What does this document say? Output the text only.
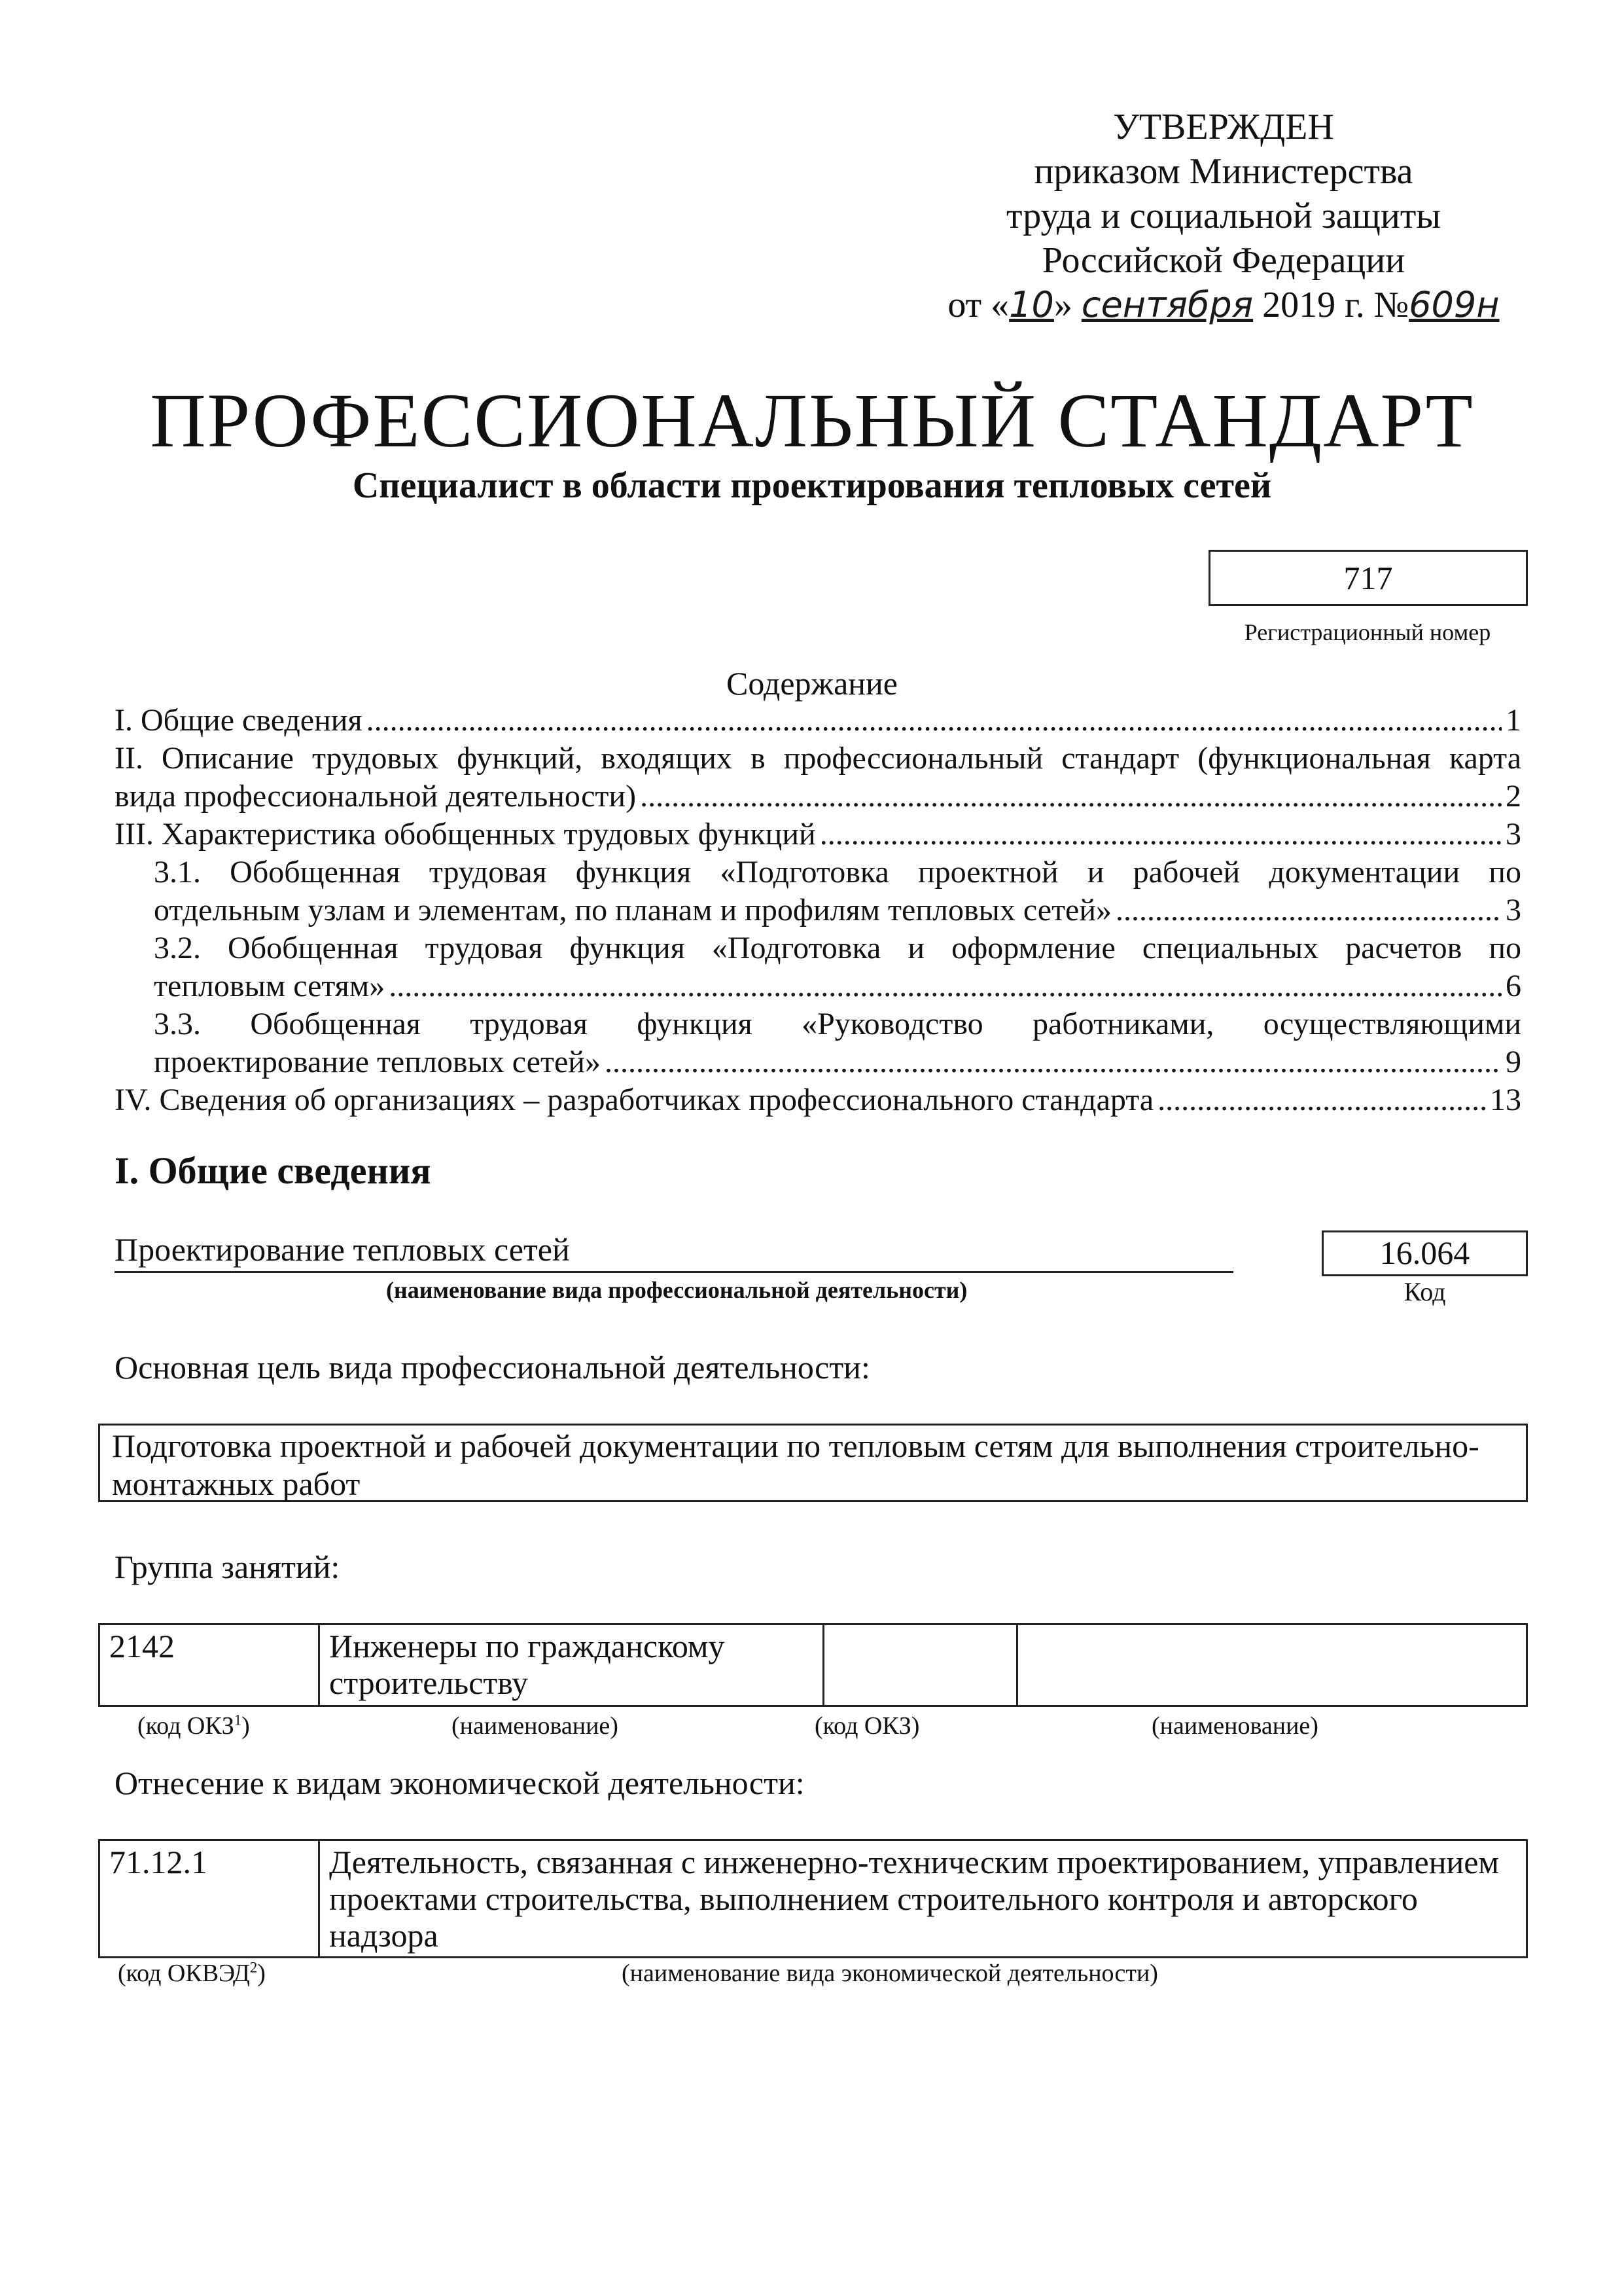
УТВЕРЖДЕН
приказом Министерства
труда и социальной защиты
Российской Федерации
от «10» сентября 2019 г. №609н
ПРОФЕССИОНАЛЬНЫЙ СТАНДАРТ
Специалист в области проектирования тепловых сетей
717
Регистрационный номер
Содержание
I. Общие сведения .....	1
II. Описание трудовых функций, входящих в профессиональный стандарт (функциональная карта
вида профессиональной деятельности) .....	2
III. Характеристика обобщенных трудовых функций .....	3
3.1. Обобщенная трудовая функция «Подготовка проектной и рабочей документации по
отдельным узлам и элементам, по планам и профилям тепловых сетей» .....	3
3.2. Обобщенная трудовая функция «Подготовка и оформление специальных расчетов по
тепловым сетям» .....	6
3.3. Обобщенная трудовая функция «Руководство работниками, осуществляющими
проектирование тепловых сетей» .....	9
IV. Сведения об организациях – разработчиках профессионального стандарта .....	13
I. Общие сведения
Проектирование тепловых сетей
(наименование вида профессиональной деятельности)
16.064
Код
Основная цель вида профессиональной деятельности:
Подготовка проектной и рабочей документации по тепловым сетям для выполнения строительно-монтажных работ
Группа занятий:
2142	Инженеры по гражданскому строительству		
(код ОКЗ$^1$)	(наименование)	(код ОКЗ)	(наименование)
Отнесение к видам экономической деятельности:
71.12.1	Деятельность, связанная с инженерно-техническим проектированием, управлением проектами строительства, выполнением строительного контроля и авторского надзора
(код ОКВЭД$^2$)	(наименование вида экономической деятельности)
